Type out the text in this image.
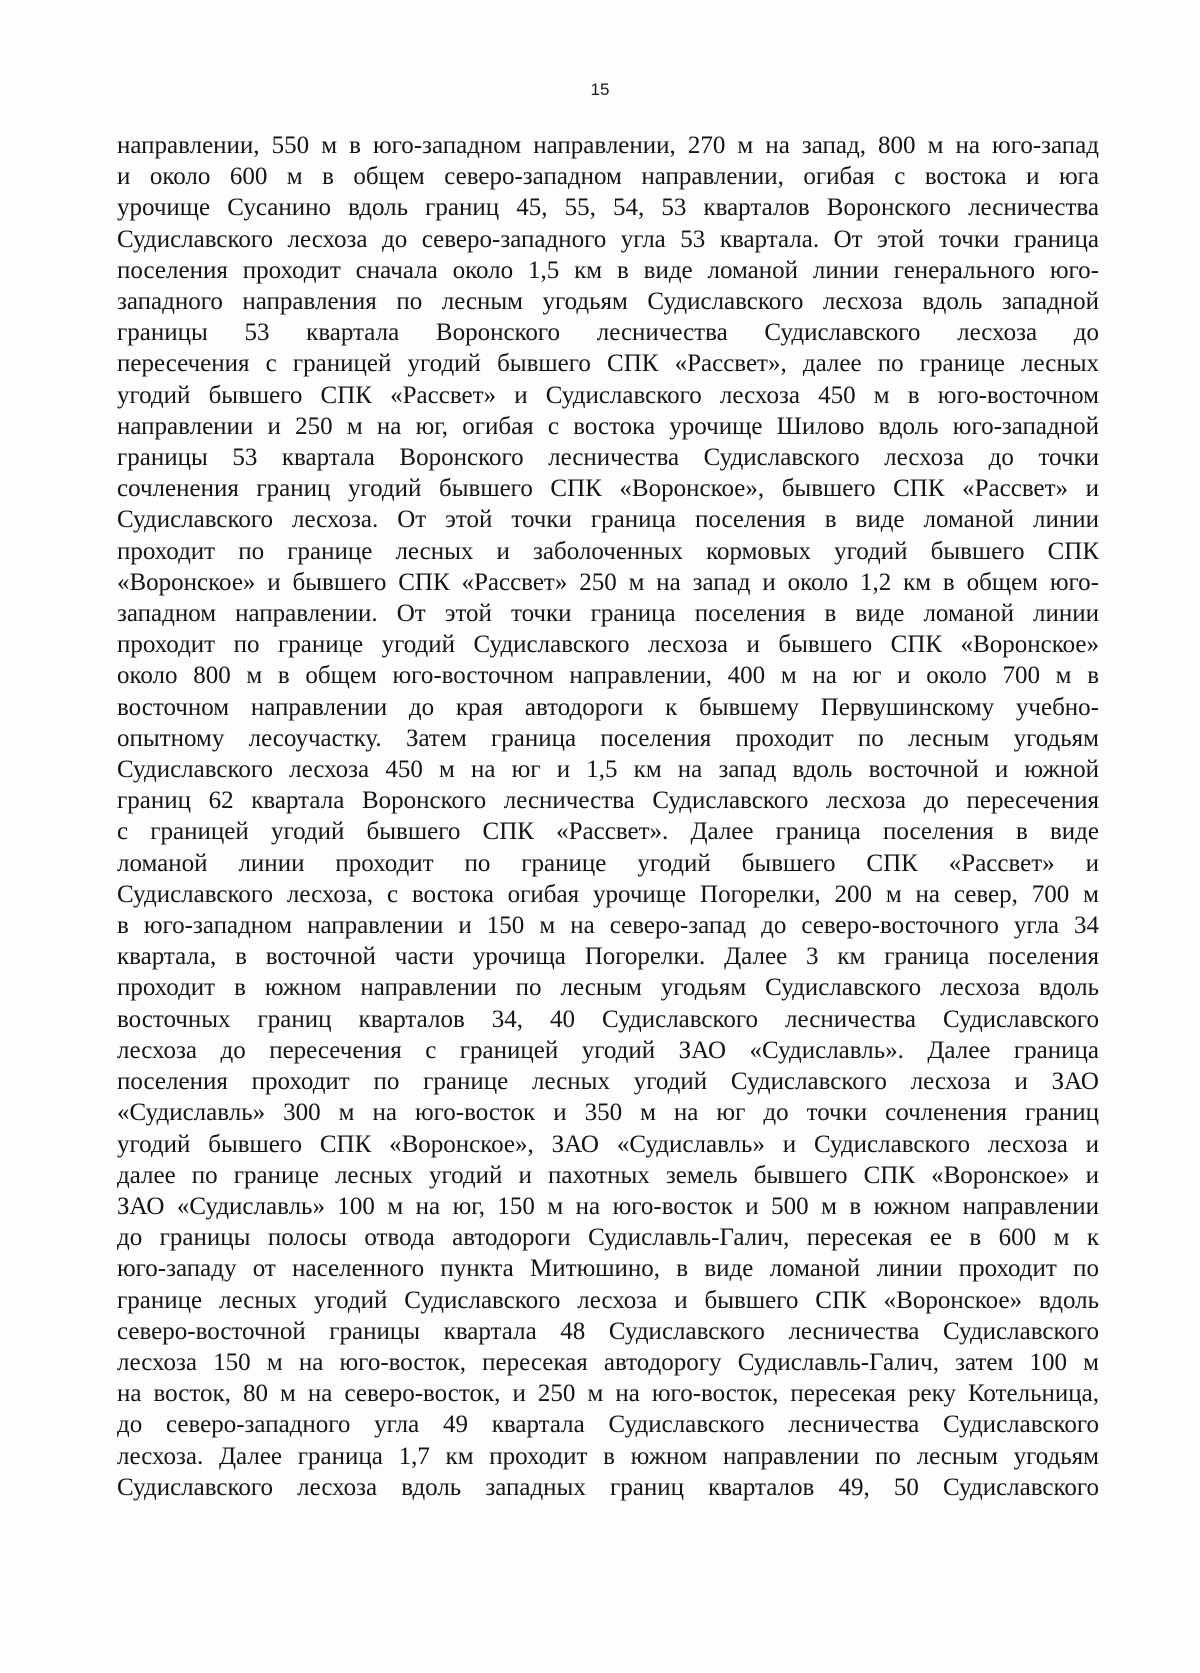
15
направлении, 550 м в юго-западном направлении, 270 м на запад, 800 м на юго-запад
и около 600 м в общем северо-западном направлении, огибая с востока и юга
урочище Сусанино вдоль границ 45, 55, 54, 53 кварталов Воронского лесничества
Судиславского лесхоза до северо-западного угла 53 квартала. От этой точки граница
поселения проходит сначала около 1,5 км в виде ломаной линии генерального юго-
западного направления по лесным угодьям Судиславского лесхоза вдоль западной
границы 53 квартала Воронского лесничества Судиславского лесхоза до
пересечения с границей угодий бывшего СПК «Рассвет», далее по границе лесных
угодий бывшего СПК «Рассвет» и Судиславского лесхоза 450 м в юго-восточном
направлении и 250 м на юг, огибая с востока урочище Шилово вдоль юго-западной
границы 53 квартала Воронского лесничества Судиславского лесхоза до точки
сочленения границ угодий бывшего СПК «Воронское», бывшего СПК «Рассвет» и
Судиславского лесхоза. От этой точки граница поселения в виде ломаной линии
проходит по границе лесных и заболоченных кормовых угодий бывшего СПК
«Воронское» и бывшего СПК «Рассвет» 250 м на запад и около 1,2 км в общем юго-
западном направлении. От этой точки граница поселения в виде ломаной линии
проходит по границе угодий Судиславского лесхоза и бывшего СПК «Воронское»
около 800 м в общем юго-восточном направлении, 400 м на юг и около 700 м в
восточном направлении до края автодороги к бывшему Первушинскому учебно-
опытному лесоучастку. Затем граница поселения проходит по лесным угодьям
Судиславского лесхоза 450 м на юг и 1,5 км на запад вдоль восточной и южной
границ 62 квартала Воронского лесничества Судиславского лесхоза до пересечения
с границей угодий бывшего СПК «Рассвет». Далее граница поселения в виде
ломаной линии проходит по границе угодий бывшего СПК «Рассвет» и
Судиславского лесхоза, с востока огибая урочище Погорелки, 200 м на север, 700 м
в юго-западном направлении и 150 м на северо-запад до северо-восточного угла 34
квартала, в восточной части урочища Погорелки. Далее 3 км граница поселения
проходит в южном направлении по лесным угодьям Судиславского лесхоза вдоль
восточных границ кварталов 34, 40 Судиславского лесничества Судиславского
лесхоза до пересечения с границей угодий ЗАО «Судиславль». Далее граница
поселения проходит по границе лесных угодий Судиславского лесхоза и ЗАО
«Судиславль» 300 м на юго-восток и 350 м на юг до точки сочленения границ
угодий бывшего СПК «Воронское», ЗАО «Судиславль» и Судиславского лесхоза и
далее по границе лесных угодий и пахотных земель бывшего СПК «Воронское» и
ЗАО «Судиславль» 100 м на юг, 150 м на юго-восток и 500 м в южном направлении
до границы полосы отвода автодороги Судиславль-Галич, пересекая ее в 600 м к
юго-западу от населенного пункта Митюшино, в виде ломаной линии проходит по
границе лесных угодий Судиславского лесхоза и бывшего СПК «Воронское» вдоль
северо-восточной границы квартала 48 Судиславского лесничества Судиславского
лесхоза 150 м на юго-восток, пересекая автодорогу Судиславль-Галич, затем 100 м
на восток, 80 м на северо-восток, и 250 м на юго-восток, пересекая реку Котельница,
до северо-западного угла 49 квартала Судиславского лесничества Судиславского
лесхоза. Далее граница 1,7 км проходит в южном направлении по лесным угодьям
Судиславского лесхоза вдоль западных границ кварталов 49, 50 Судиславского
